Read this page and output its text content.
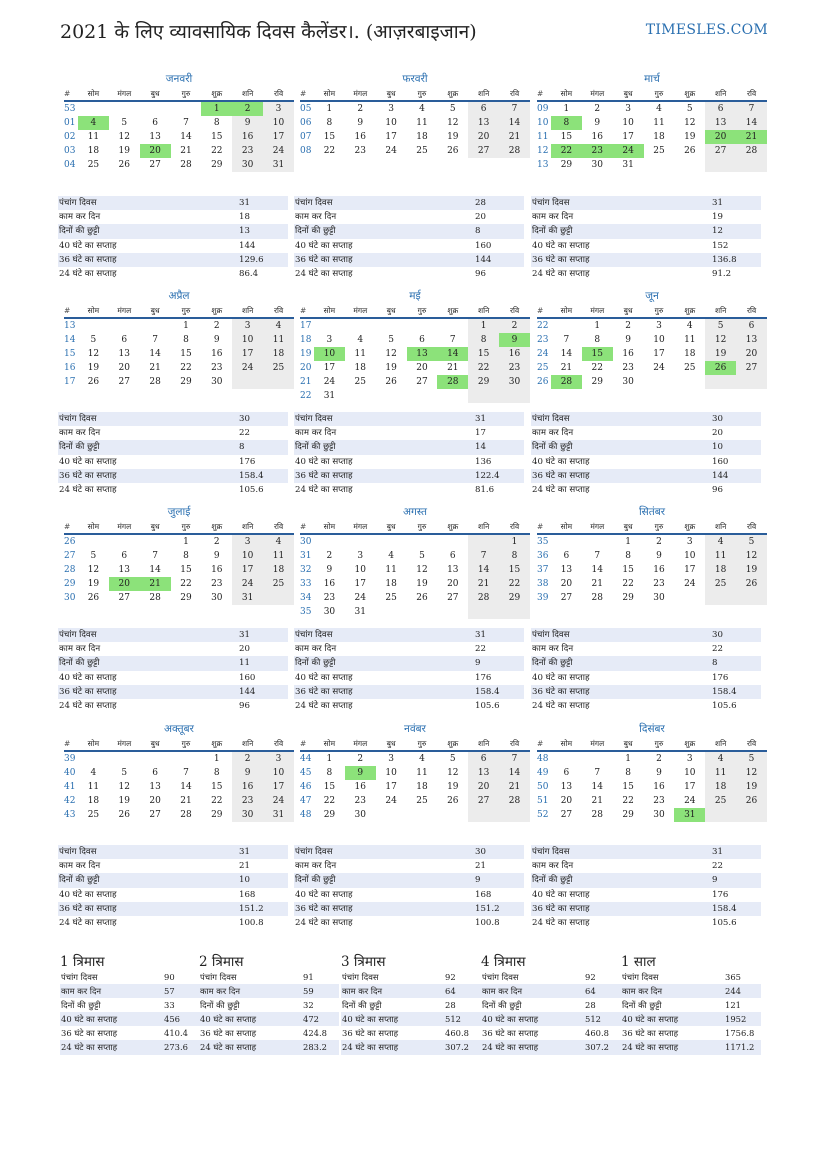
2021 के लिए व्यावसायिक दिवस कैलेंडर।. (आज़रबाइजान)	TIMESLES.COM
जनवरी
#	सोम	मंगल	बुध	गुरु	शुक्र	शनि	रवि
53					1	2	3
01	4	5	6	7	8	9	10
02	11	12	13	14	15	16	17
03	18	19	20	21	22	23	24
04	25	26	27	28	29	30	31
पंचांग दिवस	31
काम कर दिन	18
दिनों की छुट्टी	13
40 घंटे का सप्ताह	144
36 घंटे का सप्ताह	129.6
24 घंटे का सप्ताह	86.4
फरवरी
#	सोम	मंगल	बुध	गुरु	शुक्र	शनि	रवि
05	1	2	3	4	5	6	7
06	8	9	10	11	12	13	14
07	15	16	17	18	19	20	21
08	22	23	24	25	26	27	28
पंचांग दिवस	28
काम कर दिन	20
दिनों की छुट्टी	8
40 घंटे का सप्ताह	160
36 घंटे का सप्ताह	144
24 घंटे का सप्ताह	96
मार्च
#	सोम	मंगल	बुध	गुरु	शुक्र	शनि	रवि
09	1	2	3	4	5	6	7
10	8	9	10	11	12	13	14
11	15	16	17	18	19	20	21
12	22	23	24	25	26	27	28
13	29	30	31				
पंचांग दिवस	31
काम कर दिन	19
दिनों की छुट्टी	12
40 घंटे का सप्ताह	152
36 घंटे का सप्ताह	136.8
24 घंटे का सप्ताह	91.2
अप्रैल
#	सोम	मंगल	बुध	गुरु	शुक्र	शनि	रवि
13				1	2	3	4
14	5	6	7	8	9	10	11
15	12	13	14	15	16	17	18
16	19	20	21	22	23	24	25
17	26	27	28	29	30		
पंचांग दिवस	30
काम कर दिन	22
दिनों की छुट्टी	8
40 घंटे का सप्ताह	176
36 घंटे का सप्ताह	158.4
24 घंटे का सप्ताह	105.6
मई
#	सोम	मंगल	बुध	गुरु	शुक्र	शनि	रवि
17						1	2
18	3	4	5	6	7	8	9
19	10	11	12	13	14	15	16
20	17	18	19	20	21	22	23
21	24	25	26	27	28	29	30
22	31						
पंचांग दिवस	31
काम कर दिन	17
दिनों की छुट्टी	14
40 घंटे का सप्ताह	136
36 घंटे का सप्ताह	122.4
24 घंटे का सप्ताह	81.6
जून
#	सोम	मंगल	बुध	गुरु	शुक्र	शनि	रवि
22		1	2	3	4	5	6
23	7	8	9	10	11	12	13
24	14	15	16	17	18	19	20
25	21	22	23	24	25	26	27
26	28	29	30				
पंचांग दिवस	30
काम कर दिन	20
दिनों की छुट्टी	10
40 घंटे का सप्ताह	160
36 घंटे का सप्ताह	144
24 घंटे का सप्ताह	96
जुलाई
#	सोम	मंगल	बुध	गुरु	शुक्र	शनि	रवि
26				1	2	3	4
27	5	6	7	8	9	10	11
28	12	13	14	15	16	17	18
29	19	20	21	22	23	24	25
30	26	27	28	29	30	31	
पंचांग दिवस	31
काम कर दिन	20
दिनों की छुट्टी	11
40 घंटे का सप्ताह	160
36 घंटे का सप्ताह	144
24 घंटे का सप्ताह	96
अगस्त
#	सोम	मंगल	बुध	गुरु	शुक्र	शनि	रवि
30							1
31	2	3	4	5	6	7	8
32	9	10	11	12	13	14	15
33	16	17	18	19	20	21	22
34	23	24	25	26	27	28	29
35	30	31					
पंचांग दिवस	31
काम कर दिन	22
दिनों की छुट्टी	9
40 घंटे का सप्ताह	176
36 घंटे का सप्ताह	158.4
24 घंटे का सप्ताह	105.6
सितंबर
#	सोम	मंगल	बुध	गुरु	शुक्र	शनि	रवि
35			1	2	3	4	5
36	6	7	8	9	10	11	12
37	13	14	15	16	17	18	19
38	20	21	22	23	24	25	26
39	27	28	29	30			
पंचांग दिवस	30
काम कर दिन	22
दिनों की छुट्टी	8
40 घंटे का सप्ताह	176
36 घंटे का सप्ताह	158.4
24 घंटे का सप्ताह	105.6
अक्तूबर
#	सोम	मंगल	बुध	गुरु	शुक्र	शनि	रवि
39					1	2	3
40	4	5	6	7	8	9	10
41	11	12	13	14	15	16	17
42	18	19	20	21	22	23	24
43	25	26	27	28	29	30	31
पंचांग दिवस	31
काम कर दिन	21
दिनों की छुट्टी	10
40 घंटे का सप्ताह	168
36 घंटे का सप्ताह	151.2
24 घंटे का सप्ताह	100.8
नवंबर
#	सोम	मंगल	बुध	गुरु	शुक्र	शनि	रवि
44	1	2	3	4	5	6	7
45	8	9	10	11	12	13	14
46	15	16	17	18	19	20	21
47	22	23	24	25	26	27	28
48	29	30					
पंचांग दिवस	30
काम कर दिन	21
दिनों की छुट्टी	9
40 घंटे का सप्ताह	168
36 घंटे का सप्ताह	151.2
24 घंटे का सप्ताह	100.8
दिसंबर
#	सोम	मंगल	बुध	गुरु	शुक्र	शनि	रवि
48			1	2	3	4	5
49	6	7	8	9	10	11	12
50	13	14	15	16	17	18	19
51	20	21	22	23	24	25	26
52	27	28	29	30	31		
पंचांग दिवस	31
काम कर दिन	22
दिनों की छुट्टी	9
40 घंटे का सप्ताह	176
36 घंटे का सप्ताह	158.4
24 घंटे का सप्ताह	105.6
1 त्रिमास
पंचांग दिवस	90
काम कर दिन	57
दिनों की छुट्टी	33
40 घंटे का सप्ताह	456
36 घंटे का सप्ताह	410.4
24 घंटे का सप्ताह	273.6
2 त्रिमास
पंचांग दिवस	91
काम कर दिन	59
दिनों की छुट्टी	32
40 घंटे का सप्ताह	472
36 घंटे का सप्ताह	424.8
24 घंटे का सप्ताह	283.2
3 त्रिमास
पंचांग दिवस	92
काम कर दिन	64
दिनों की छुट्टी	28
40 घंटे का सप्ताह	512
36 घंटे का सप्ताह	460.8
24 घंटे का सप्ताह	307.2
4 त्रिमास
पंचांग दिवस	92
काम कर दिन	64
दिनों की छुट्टी	28
40 घंटे का सप्ताह	512
36 घंटे का सप्ताह	460.8
24 घंटे का सप्ताह	307.2
1 साल
पंचांग दिवस	365
काम कर दिन	244
दिनों की छुट्टी	121
40 घंटे का सप्ताह	1952
36 घंटे का सप्ताह	1756.8
24 घंटे का सप्ताह	1171.2
